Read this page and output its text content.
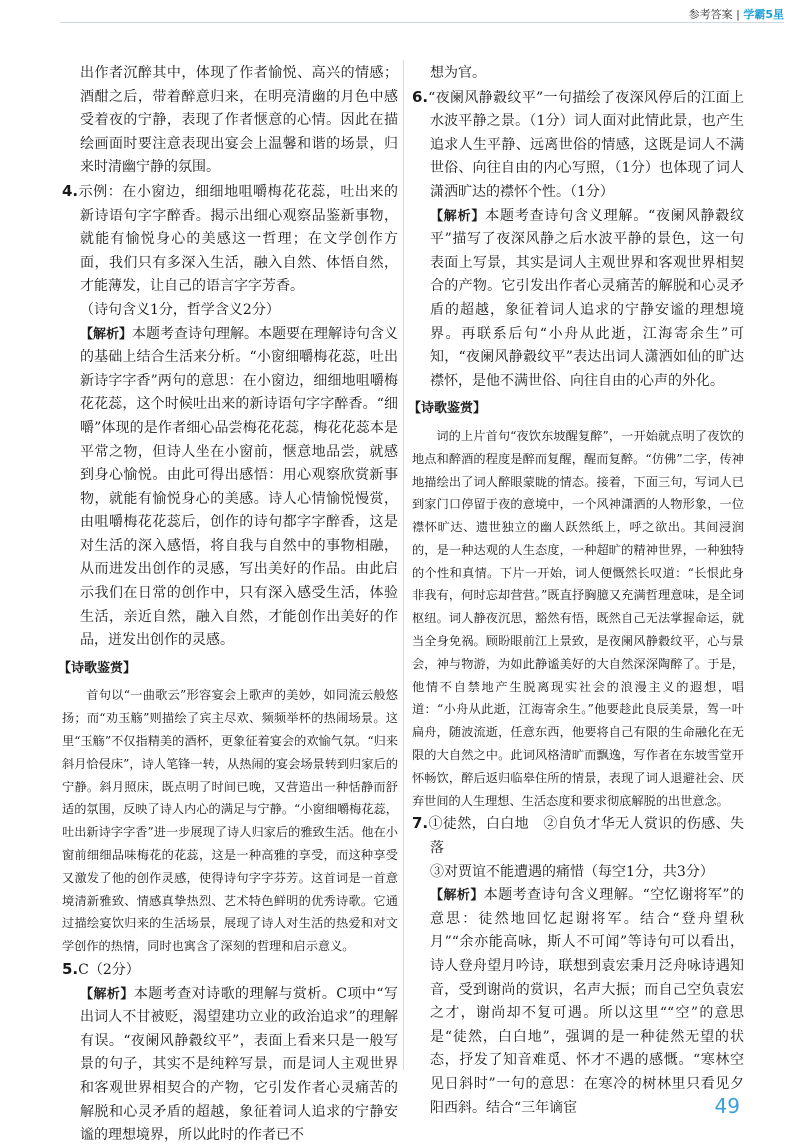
参考答案 | 学霸5星

出作者沉醉其中，体现了作者愉悦、高兴的情感；酒酣之后，带着醉意归来，在明亮清幽的月色中感受着夜的宁静，表现了作者惬意的心情。因此在描绘画面时要注意表现出宴会上温馨和谐的场景，归来时清幽宁静的氛围。

4.示例：在小窗边，细细地咀嚼梅花花蕊，吐出来的新诗语句字字醉香。揭示出细心观察品鉴新事物，就能有愉悦身心的美感这一哲理；在文学创作方面，我们只有多深入生活，融入自然、体悟自然，才能薄发，让自己的语言字字芳香。

（诗句含义1分，哲学含义2分）

【解析】本题考查诗句理解。本题要在理解诗句含义的基础上结合生活来分析。“小窗细嚼梅花蕊，吐出新诗字字香”两句的意思：在小窗边，细细地咀嚼梅花花蕊，这个时候吐出来的新诗语句字字醉香。“细嚼”体现的是作者细心品尝梅花花蕊，梅花花蕊本是平常之物，但诗人坐在小窗前，惬意地品尝，就感到身心愉悦。由此可得出感悟：用心观察欣赏新事物，就能有愉悦身心的美感。诗人心情愉悦慢赏，由咀嚼梅花花蕊后，创作的诗句都字字醉香，这是对生活的深入感悟，将自我与自然中的事物相融，从而进发出创作的灵感，写出美好的作品。由此启示我们在日常的创作中，只有深入感受生活，体验生活，亲近自然，融入自然，才能创作出美好的作品，迸发出创作的灵感。

【诗歌鉴赏】

首句以“一曲歌云”形容宴会上歌声的美妙，如同流云般悠扬；而“劝玉觞”则描绘了宾主尽欢、频频举杯的热闹场景。这里“玉觞”不仅指精美的酒杯，更象征着宴会的欢愉气氛。“归来斜月恰侵床”，诗人笔锋一转，从热闹的宴会场景转到归家后的宁静。斜月照床，既点明了时间已晚，又营造出一种恬静而舒适的氛围，反映了诗人内心的满足与宁静。“小窗细嚼梅花蕊，吐出新诗字字香”进一步展现了诗人归家后的雅致生活。他在小窗前细细品味梅花的花蕊，这是一种高雅的享受，而这种享受又激发了他的创作灵感，使得诗句字字芬芳。这首词是一首意境清新雅致、情感真挚热烈、艺术特色鲜明的优秀诗歌。它通过描绘宴饮归来的生活场景，展现了诗人对生活的热爱和对文学创作的热情，同时也寓含了深刻的哲理和启示意义。

5.C（2分）

【解析】本题考查对诗歌的理解与赏析。C项中“写出词人不甘被贬，渴望建功立业的政治追求”的理解有误。“夜阑风静縠纹平”，表面上看来只是一般写景的句子，其实不是纯粹写景，而是词人主观世界和客观世界相契合的产物，它引发作者心灵痛苦的解脱和心灵矛盾的超越，象征着词人追求的宁静安谧的理想境界，所以此时的作者已不

想为官。

6.“夜阑风静縠纹平”一句描绘了夜深风停后的江面上水波平静之景。（1分）词人面对此情此景，也产生追求人生平静、远离世俗的情感，这既是词人不满世俗、向往自由的内心写照，（1分）也体现了词人潇洒旷达的襟怀个性。（1分）

【解析】本题考查诗句含义理解。“夜阑风静縠纹平”描写了夜深风静之后水波平静的景色，这一句表面上写景，其实是词人主观世界和客观世界相契合的产物。它引发出作者心灵痛苦的解脱和心灵矛盾的超越，象征着词人追求的宁静安谧的理想境界。再联系后句“小舟从此逝，江海寄余生”可知，“夜阑风静縠纹平”表达出词人潇洒如仙的旷达襟怀，是他不满世俗、向往自由的心声的外化。

【诗歌鉴赏】

词的上片首句“夜饮东坡醒复醉”，一开始就点明了夜饮的地点和醉酒的程度是醉而复醒，醒而复醉。“仿佛”二字，传神地描绘出了词人醉眼蒙眬的情态。接着，下面三句，写词人已到家门口停留于夜的意境中，一个风神潇洒的人物形象，一位襟怀旷达、遗世独立的幽人跃然纸上，呼之欲出。其间浸润的，是一种达观的人生态度，一种超旷的精神世界，一种独特的个性和真情。下片一开始，词人便慨然长叹道：“长恨此身非我有，何时忘却营营。”既直抒胸臆又充满哲理意味，是全词枢纽。词人静夜沉思，豁然有悟，既然自己无法掌握命运，就当全身免祸。顾盼眼前江上景致，是夜阑风静縠纹平，心与景会，神与物游，为如此静谧美好的大自然深深陶醉了。于是，他情不自禁地产生脱离现实社会的浪漫主义的遐想，唱道：“小舟从此逝，江海寄余生。”他要趁此良辰美景，驾一叶扁舟，随波流逝，任意东西，他要将自己有限的生命融化在无限的大自然之中。此词风格清旷而飘逸，写作者在东坡雪堂开怀畅饮，醉后返归临皋住所的情景，表现了词人退避社会、厌弃世间的人生理想、生活态度和要求彻底解脱的出世意念。

7.①徒然，白白地　②自负才华无人赏识的伤感、失落

③对贾谊不能遭遇的痛惜（每空1分，共3分）

【解析】本题考查诗句含义理解。“空忆谢将军”的意思：徒然地回忆起谢将军。结合“登舟望秋月”“余亦能高咏，斯人不可闻”等诗句可以看出，诗人登舟望月吟诗，联想到袁宏秉月泛舟咏诗遇知音，受到谢尚的赏识，名声大振；而自己空负袁宏之才，谢尚却不复可遇。所以这里““空”的意思是“徒然，白白地”，强调的是一种徒然无望的状态，抒发了知音难觅、怀才不遇的感慨。“寒林空见日斜时”一句的意思：在寒冷的树林里只看见夕阳西斜。结合“三年谪宦	49
